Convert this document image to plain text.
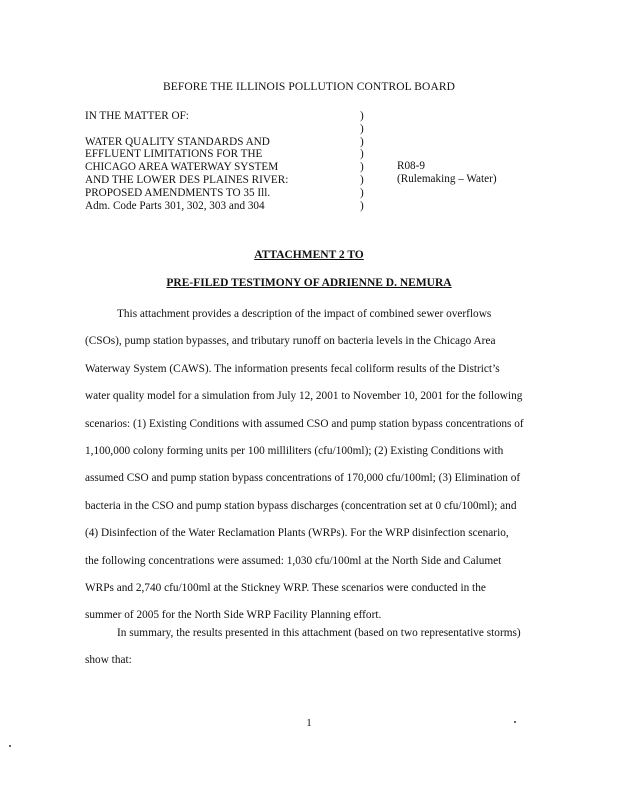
BEFORE THE ILLINOIS POLLUTION CONTROL BOARD
IN THE MATTER OF:
WATER QUALITY STANDARDS AND
EFFLUENT LIMITATIONS FOR THE
CHICAGO AREA WATERWAY SYSTEM
AND THE LOWER DES PLAINES RIVER:
PROPOSED AMENDMENTS TO 35 Ill.
Adm. Code Parts 301, 302, 303 and 304
)
)
)
)
)
)
)
)
R08-9
(Rulemaking – Water)
ATTACHMENT 2 TO
PRE-FILED TESTIMONY OF ADRIENNE D. NEMURA
This attachment provides a description of the impact of combined sewer overflows
(CSOs), pump station bypasses, and tributary runoff on bacteria levels in the Chicago Area
Waterway System (CAWS). The information presents fecal coliform results of the District’s
water quality model for a simulation from July 12, 2001 to November 10, 2001 for the following
scenarios: (1) Existing Conditions with assumed CSO and pump station bypass concentrations of
1,100,000 colony forming units per 100 milliliters (cfu/100ml); (2) Existing Conditions with
assumed CSO and pump station bypass concentrations of 170,000 cfu/100ml; (3) Elimination of
bacteria in the CSO and pump station bypass discharges (concentration set at 0 cfu/100ml); and
(4) Disinfection of the Water Reclamation Plants (WRPs). For the WRP disinfection scenario,
the following concentrations were assumed: 1,030 cfu/100ml at the North Side and Calumet
WRPs and 2,740 cfu/100ml at the Stickney WRP. These scenarios were conducted in the
summer of 2005 for the North Side WRP Facility Planning effort.
In summary, the results presented in this attachment (based on two representative storms)
show that:
1
